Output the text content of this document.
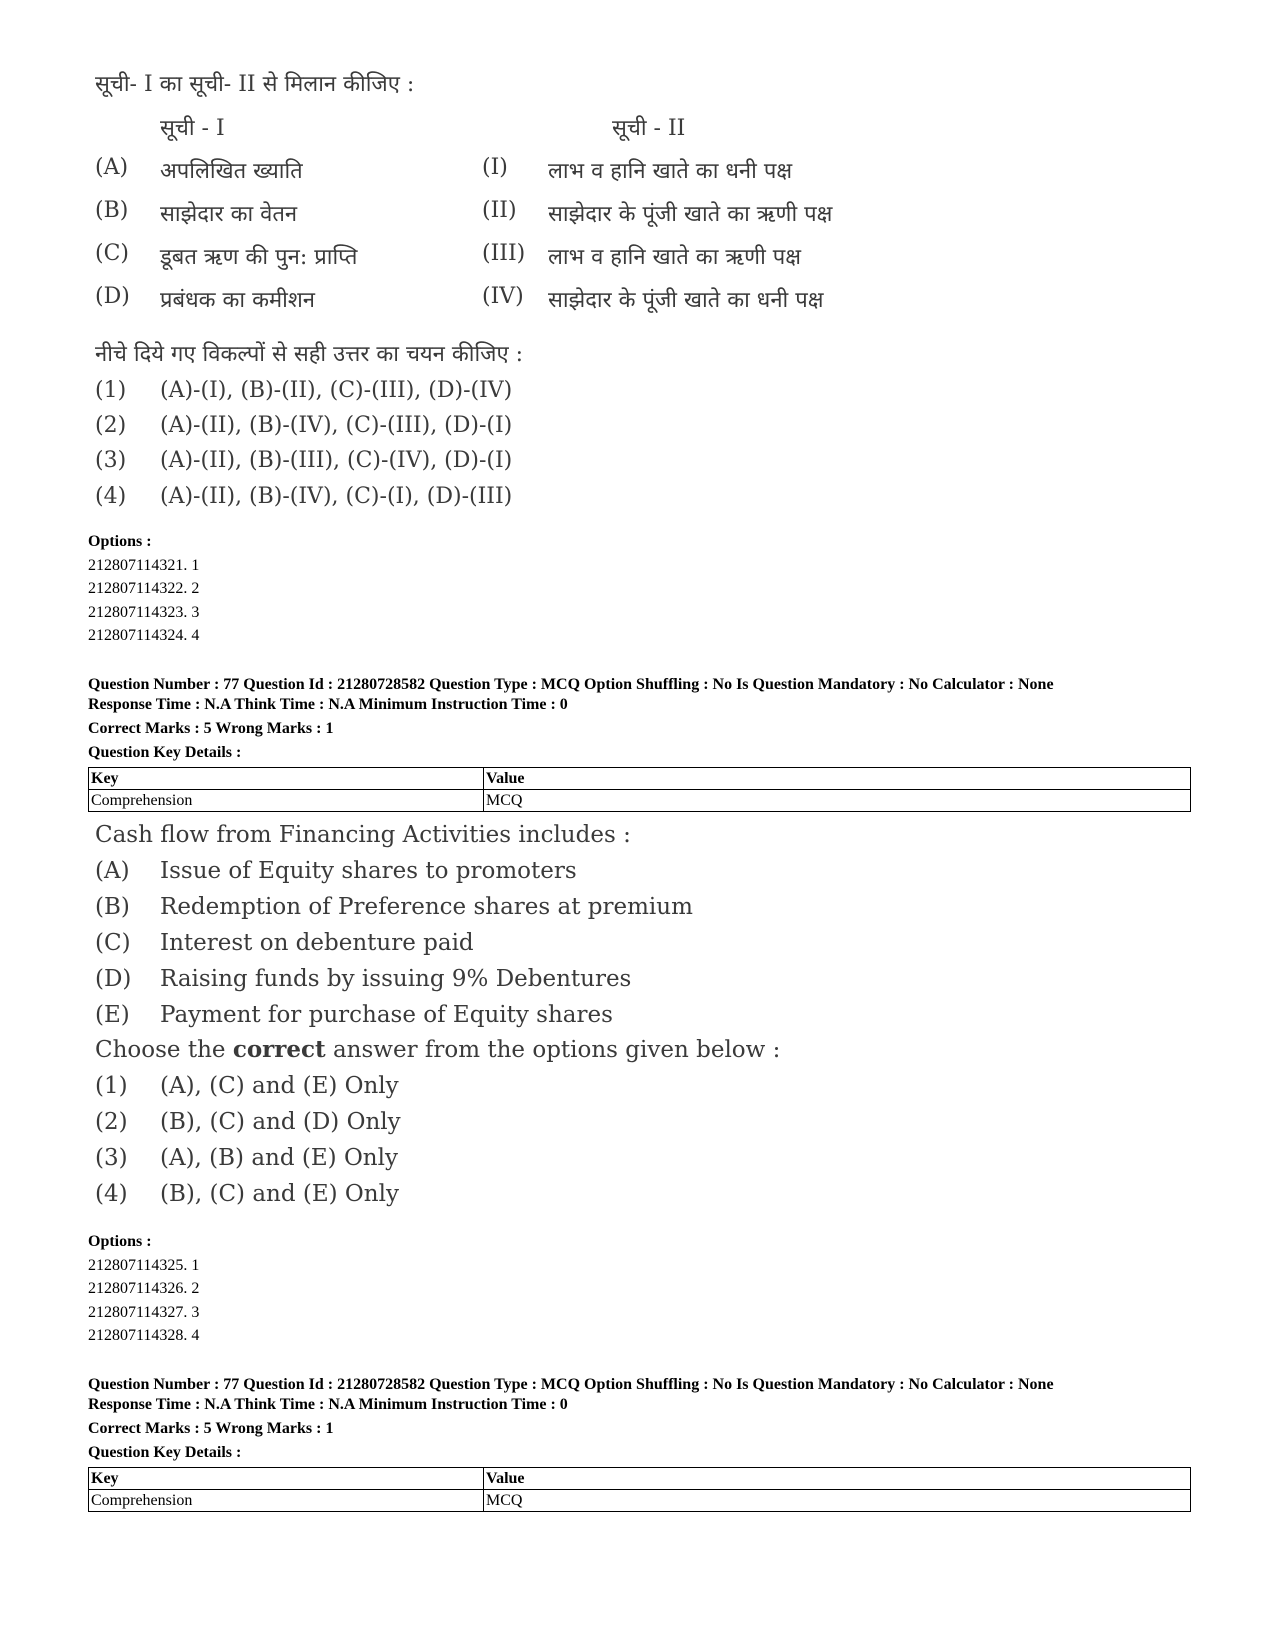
सूची- I का सूची- II से मिलान कीजिए :
सूची - I	सूची - II
(A) अपलिखित ख्याति	(I) लाभ व हानि खाते का धनी पक्ष
(B) साझेदार का वेतन	(II) साझेदार के पूंजी खाते का ऋणी पक्ष
(C) डूबत ऋण की पुन: प्राप्ति	(III) लाभ व हानि खाते का ऋणी पक्ष
(D) प्रबंधक का कमीशन	(IV) साझेदार के पूंजी खाते का धनी पक्ष
नीचे दिये गए विकल्पों से सही उत्तर का चयन कीजिए :
(1) (A)-(I), (B)-(II), (C)-(III), (D)-(IV)
(2) (A)-(II), (B)-(IV), (C)-(III), (D)-(I)
(3) (A)-(II), (B)-(III), (C)-(IV), (D)-(I)
(4) (A)-(II), (B)-(IV), (C)-(I), (D)-(III)
Options :
212807114321. 1
212807114322. 2
212807114323. 3
212807114324. 4
Question Number : 77 Question Id : 21280728582 Question Type : MCQ Option Shuffling : No Is Question Mandatory : No Calculator : None
Response Time : N.A Think Time : N.A Minimum Instruction Time : 0
Correct Marks : 5 Wrong Marks : 1
Question Key Details :
Key	Value
Comprehension	MCQ
Cash flow from Financing Activities includes :
(A) Issue of Equity shares to promoters
(B) Redemption of Preference shares at premium
(C) Interest on debenture paid
(D) Raising funds by issuing 9% Debentures
(E) Payment for purchase of Equity shares
Choose the correct answer from the options given below :
(1) (A), (C) and (E) Only
(2) (B), (C) and (D) Only
(3) (A), (B) and (E) Only
(4) (B), (C) and (E) Only
Options :
212807114325. 1
212807114326. 2
212807114327. 3
212807114328. 4
Question Number : 77 Question Id : 21280728582 Question Type : MCQ Option Shuffling : No Is Question Mandatory : No Calculator : None
Response Time : N.A Think Time : N.A Minimum Instruction Time : 0
Correct Marks : 5 Wrong Marks : 1
Question Key Details :
Key	Value
Comprehension	MCQ
